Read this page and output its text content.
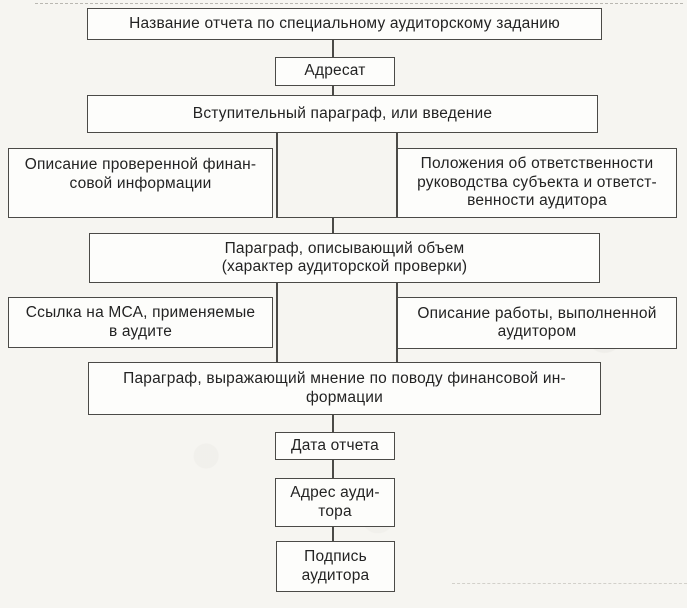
Название отчета по специальному аудиторскому заданию
Адресат
Вступительный параграф, или введение
Описание проверенной финан-
совой информации
Положения об ответственности
руководства субъекта и ответст-
венности аудитора
Параграф, описывающий объем
(характер аудиторской проверки)
Ссылка на МСА, применяемые
в аудите
Описание работы, выполненной
аудитором
Параграф, выражающий мнение по поводу финансовой ин-
формации
Дата отчета
Адрес ауди-
тора
Подпись
аудитора
